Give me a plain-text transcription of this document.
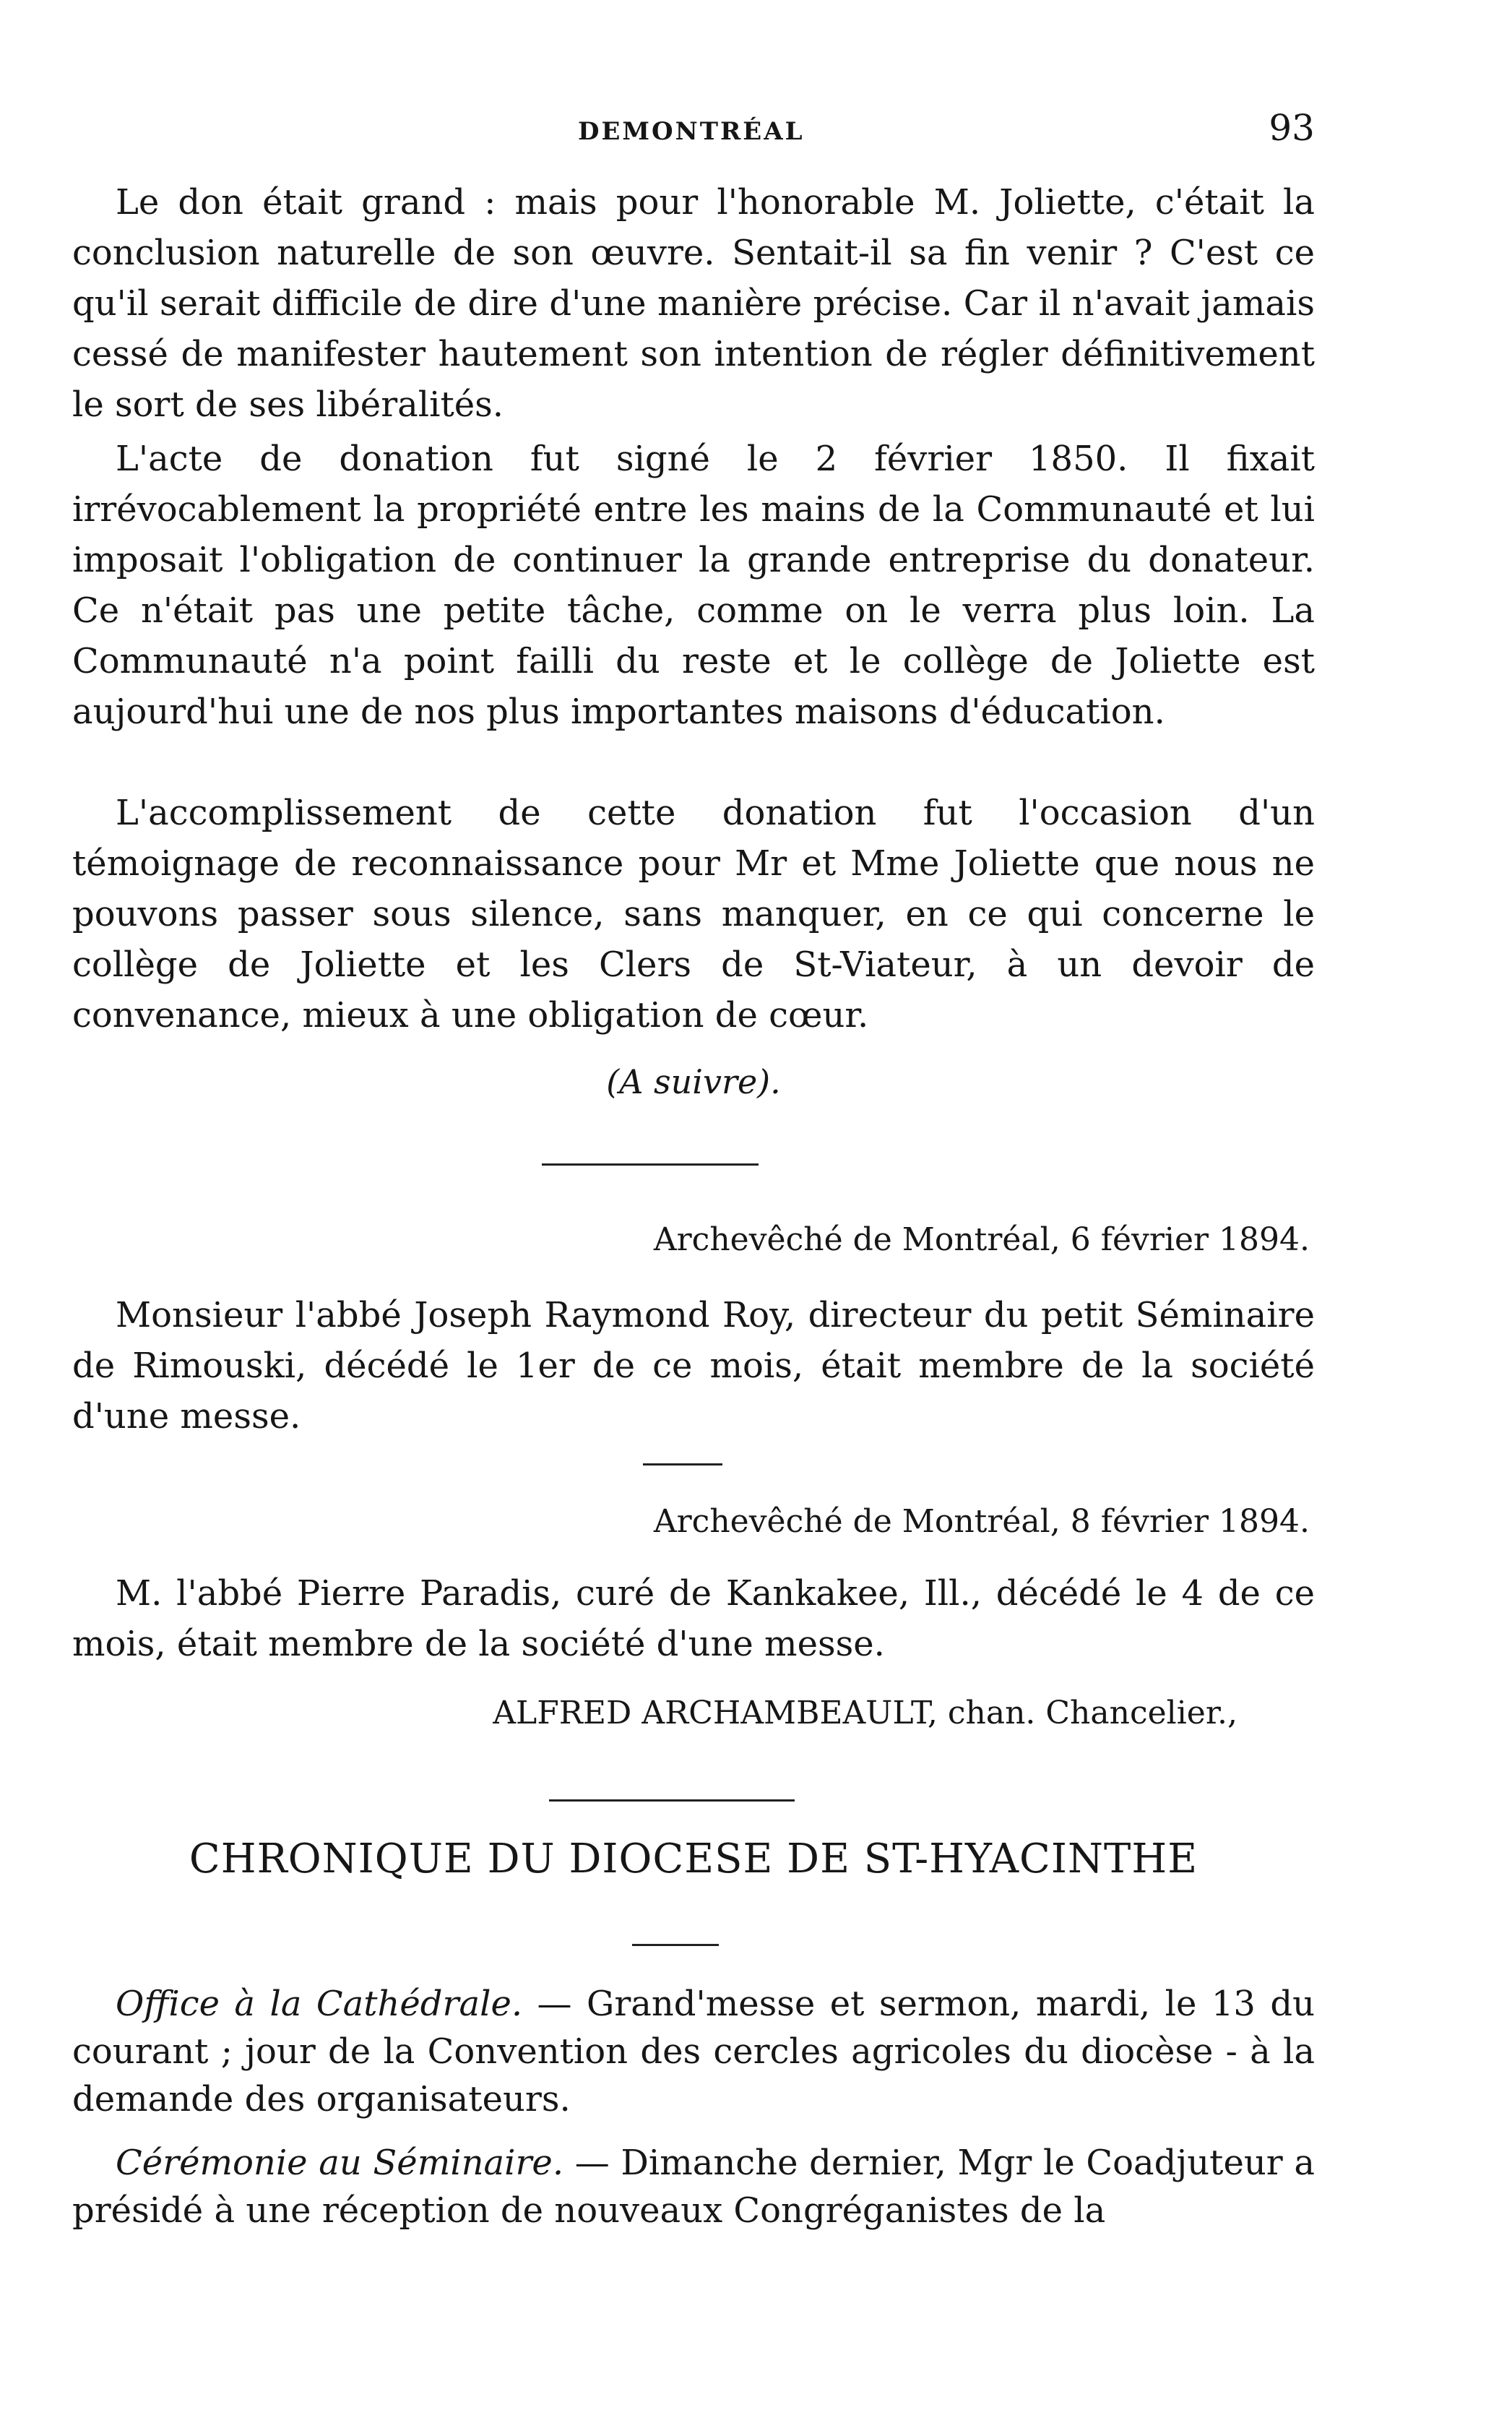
DEMONTRÉAL	93

Le don était grand : mais pour l'honorable M. Joliette, c'était la conclusion naturelle de son œuvre. Sentait-il sa fin venir ? C'est ce qu'il serait difficile de dire d'une manière précise. Car il n'avait jamais cessé de manifester hautement son intention de régler définitivement le sort de ses libéralités.

L'acte de donation fut signé le 2 février 1850. Il fixait irrévocablement la propriété entre les mains de la Communauté et lui imposait l'obligation de continuer la grande entreprise du donateur. Ce n'était pas une petite tâche, comme on le verra plus loin. La Communauté n'a point failli du reste et le collège de Joliette est aujourd'hui une de nos plus importantes maisons d'éducation.

L'accomplissement de cette donation fut l'occasion d'un témoignage de reconnaissance pour Mr et Mme Joliette que nous ne pouvons passer sous silence, sans manquer, en ce qui concerne le collège de Joliette et les Clers de St-Viateur, à un devoir de convenance, mieux à une obligation de cœur.

(A suivre).
Archevêché de Montréal, 6 février 1894.

Monsieur l'abbé Joseph Raymond Roy, directeur du petit Séminaire de Rimouski, décédé le 1er de ce mois, était membre de la société d'une messe.

Archevêché de Montréal, 8 février 1894.

M. l'abbé Pierre Paradis, curé de Kankakee, Ill., décédé le 4 de ce mois, était membre de la société d'une messe.

ALFRED ARCHAMBEAULT, chan. Chancelier.,
CHRONIQUE DU DIOCESE DE ST-HYACINTHE

Office à la Cathédrale. — Grand'messe et sermon, mardi, le 13 du courant ; jour de la Convention des cercles agricoles du diocèse - à la demande des organisateurs.

Cérémonie au Séminaire. — Dimanche dernier, Mgr le Coadjuteur a présidé à une réception de nouveaux Congréganistes de la
